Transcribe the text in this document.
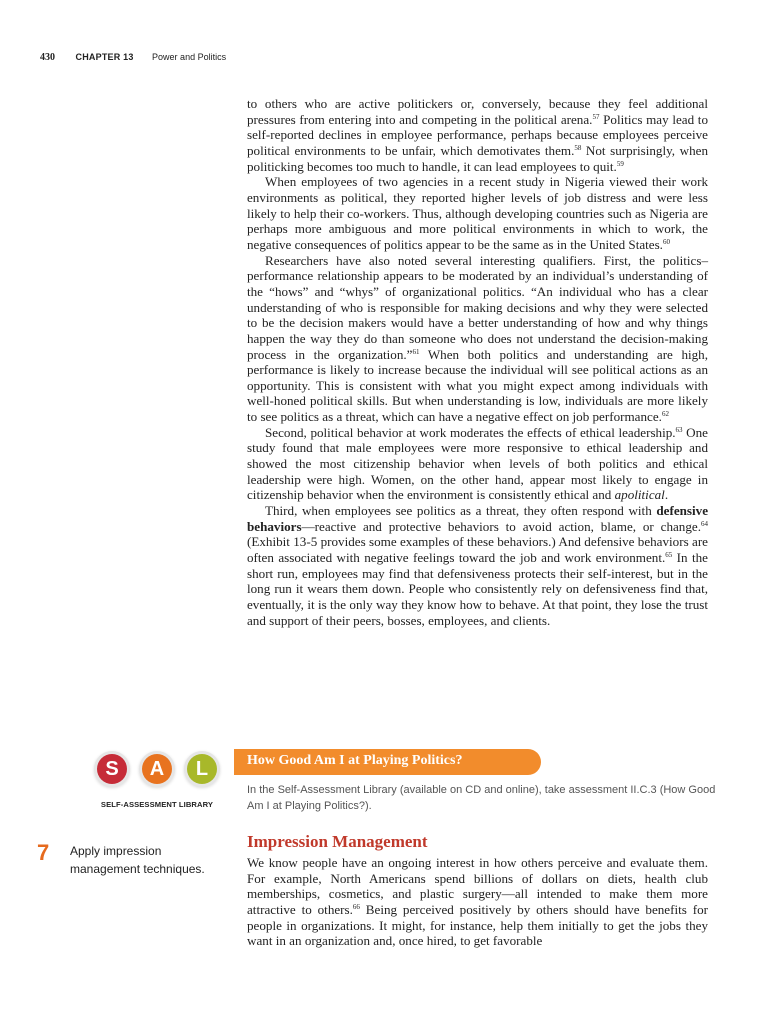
430 CHAPTER 13 Power and Politics

to others who are active politickers or, conversely, because they feel additional pressures from entering into and competing in the political arena.$^{57}$ Politics may lead to self-reported declines in employee performance, perhaps because employees perceive political environments to be unfair, which demotivates them.$^{58}$ Not surprisingly, when politicking becomes too much to handle, it can lead employees to quit.$^{59}$

When employees of two agencies in a recent study in Nigeria viewed their work environments as political, they reported higher levels of job distress and were less likely to help their co-workers. Thus, although developing countries such as Nigeria are perhaps more ambiguous and more political environments in which to work, the negative consequences of politics appear to be the same as in the United States.$^{60}$

Researchers have also noted several interesting qualifiers. First, the politics–performance relationship appears to be moderated by an individual’s understanding of the “hows” and “whys” of organizational politics. “An individual who has a clear understanding of who is responsible for making decisions and why they were selected to be the decision makers would have a better understanding of how and why things happen the way they do than someone who does not understand the decision-making process in the organization.”$^{61}$ When both politics and understanding are high, performance is likely to increase because the individual will see political actions as an opportunity. This is consistent with what you might expect among individuals with well-honed political skills. But when understanding is low, individuals are more likely to see politics as a threat, which can have a negative effect on job performance.$^{62}$

Second, political behavior at work moderates the effects of ethical leadership.$^{63}$ One study found that male employees were more responsive to ethical leadership and showed the most citizenship behavior when levels of both politics and ethical leadership were high. Women, on the other hand, appear most likely to engage in citizenship behavior when the environment is consistently ethical and apolitical.

Third, when employees see politics as a threat, they often respond with defensive behaviors—reactive and protective behaviors to avoid action, blame, or change.$^{64}$ (Exhibit 13-5 provides some examples of these behaviors.) And defensive behaviors are often associated with negative feelings toward the job and work environment.$^{65}$ In the short run, employees may find that defensiveness protects their self-interest, but in the long run it wears them down. People who consistently rely on defensiveness find that, eventually, it is the only way they know how to behave. At that point, they lose the trust and support of their peers, bosses, employees, and clients.

S	A	L
SELF-ASSESSMENT LIBRARY
How Good Am I at Playing Politics?
In the Self-Assessment Library (available on CD and online), take assessment II.C.3 (How Good Am I at Playing Politics?).
7 Apply impression management techniques.
Impression Management

We know people have an ongoing interest in how others perceive and evaluate them. For example, North Americans spend billions of dollars on diets, health club memberships, cosmetics, and plastic surgery—all intended to make them more attractive to others.$^{66}$ Being perceived positively by others should have benefits for people in organizations. It might, for instance, help them initially to get the jobs they want in an organization and, once hired, to get favorable
